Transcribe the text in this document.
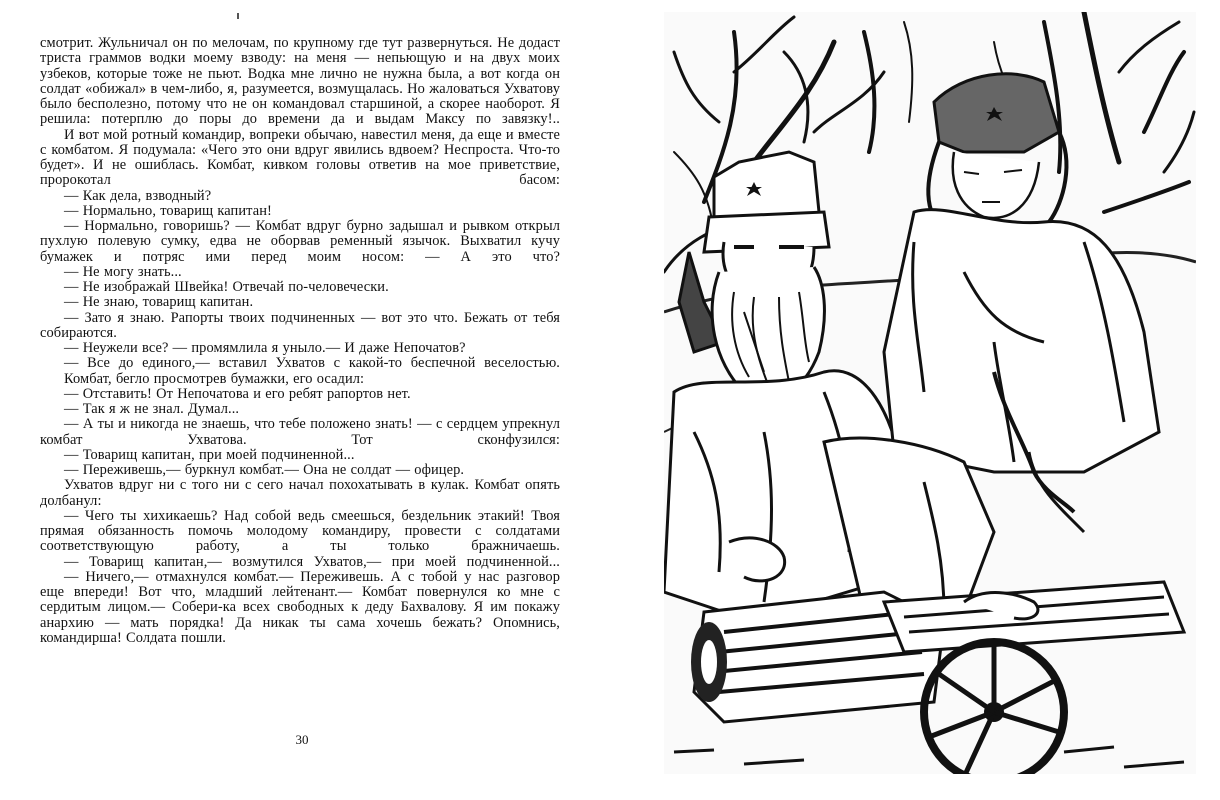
смотрит. Жульничал он по мелочам, по крупному где тут развернуться. Не додаст триста граммов водки моему взводу: на меня — непьющую и на двух моих узбеков, которые тоже не пьют. Водка мне лично не нужна была, а вот когда он солдат «обижал» в чем-либо, я, разумеется, возмущалась. Но жаловаться Ухватову было бесполезно, потому что не он командовал старшиной, а скорее наоборот. Я решила: потерплю до поры до времени да и выдам Максу по завязку!..

И вот мой ротный командир, вопреки обычаю, навестил меня, да еще и вместе с комбатом. Я подумала: «Чего это они вдруг явились вдвоем? Неспроста. Что-то будет». И не ошиблась. Комбат, кивком головы ответив на мое приветствие, пророкотал басом:

— Как дела, взводный?

— Нормально, товарищ капитан!

— Нормально, говоришь? — Комбат вдруг бурно задышал и рывком открыл пухлую полевую сумку, едва не оборвав ременный язычок. Выхватил кучу бумажек и потряс ими перед моим носом: — А это что?

— Не могу знать...

— Не изображай Швейка! Отвечай по-человечески.

— Не знаю, товарищ капитан.

— Зато я знаю. Рапорты твоих подчиненных — вот это что. Бежать от тебя собираются.

— Неужели все? — промямлила я уныло.— И даже Непочатов?

— Все до единого,— вставил Ухватов с какой-то беспечной веселостью.

Комбат, бегло просмотрев бумажки, его осадил:

— Отставить! От Непочатова и его ребят рапортов нет.

— Так я ж не знал. Думал...

— А ты и никогда не знаешь, что тебе положено знать! — с сердцем упрекнул комбат Ухватова. Тот сконфузился:

— Товарищ капитан, при моей подчиненной...

— Переживешь,— буркнул комбат.— Она не солдат — офицер.

Ухватов вдруг ни с того ни с сего начал похохатывать в кулак. Комбат опять долбанул:

— Чего ты хихикаешь? Над собой ведь смеешься, бездельник этакий! Твоя прямая обязанность помочь молодому командиру, провести с солдатами соответствующую работу, а ты только бражничаешь.

— Товарищ капитан,— возмутился Ухватов,— при моей подчиненной...

— Ничего,— отмахнулся комбат.— Переживешь. А с тобой у нас разговор еще впереди! Вот что, младший лейтенант.— Комбат повернулся ко мне с сердитым лицом.— Собери-ка всех свободных к деду Бахвалову. Я им покажу анархию — мать порядка! Да никак ты сама хочешь бежать? Опомнись, командирша! Солдата пошли.

30
